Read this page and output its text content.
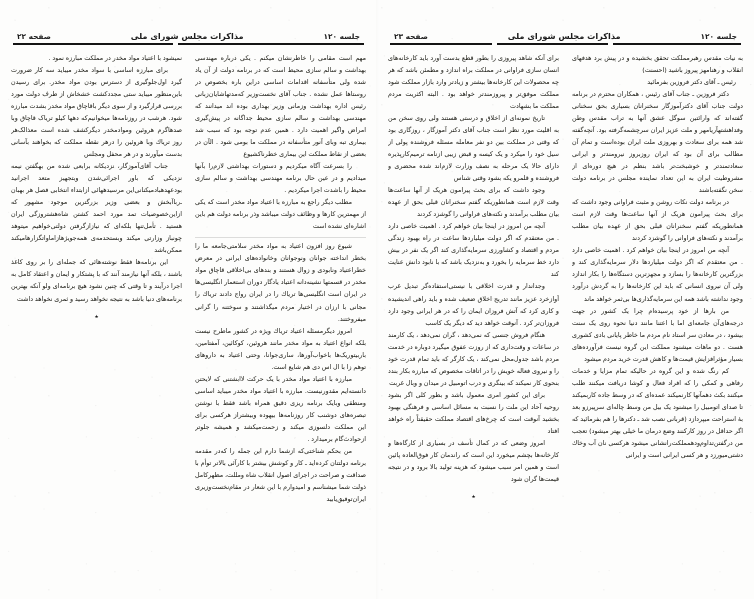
جلسه ۱۲۰
مذاکرات مجلس شورای ملی
صفحه ۲۳

به نیات مقدس رهبرمملکت تحقق بخشیده و در پیش برد هدفهای انقلاب و رهنامهز پیروز باشید (احسنت)

رئیس ـ آقای دکتر فروزین بفرمائید

دکتر فروزین ـ جناب آقای رئیس ، همکاران محترم در برنامه دولت جناب آقای دکترآموزگار سخنرانان بسیاری بحق سخنانی گفته‌اند که وارائتین سوگل عشق آنها به تراب مقدس وطن وفداهشتهآریامهر و ملت عزیز ایران سرچشمه‌گرفته بود. آنچه‌گفته شد همه برای سعادت و بهروزی ملت ایران بوده‌است و تمام آن مطالب برای آن بود که ایران روزبروز نیرومندتر و ایرانی سعادتمندتر و خوشبخت‌تر باشد بنظم در هیچ دوره‌ای از مشروطیت ایران به این تعداد نماینده مجلس در برنامه دولت سخن نگفته‌باشند

در برنامه دولت نکات روشن و مثبت فراوانی وجود داشت که برای بحث پیرامون هریک از آنها ساعت‌ها وقت لازم است همانطوریکه گفتم سخنرانان قبلی بحق از عهده بیان مطلب برآمدند و نکته‌های فراوانی را گوشزد کردند

آنچه من امروز در اینجا بیان خواهم کرد . اهمیت خاصی دارد . من معتقدم که اگر دولت میلیاردها دلار سرمایه‌گذاری کند و بزرگترین کارخانه‌ها را بسازد و مجهزترین دستگاه‌ها را بکار اندازد ولی آن نیروی انسانی که باید این کارخانه‌ها را به گردش درآورد وجود نداشته باشد همه این سرمایه‌گذاری‌ها بی‌ثمر خواهد ماند

من بارها از خود پرسیده‌ام چرا یک کشور در جهت درجه‌های‌آن جامعه‌ای اما با اعتنا مانند دنیا نحوه روی یک سنت بیشود ، در معادن سر استاد نام مردم ما خاطر پایانی بادی کشوری هست . دو ماهات میشنود مملکت این گروه نیست فرآورده‌های بسیار مؤثرافزایش قیمت‌ها و کاهش قدرت خرید مردم میشود

کم رنگ شده و این گروه در حالیکه تمام مزایا و خدمات رفاهی و کمکی را که افراد فعال و کوشا دریافت میکنند طلب میکنند بکث دهمآنها کارنمیکند عمده‌ای که در وسط جاده کاربمیکند تا صدای اتومبیل را میشنود یک بیل من وسط چاله‌ای سرپیرزو بعد بهٔ استراحت میپردازد (قربانی نصب شد ـ دکترها را هم بفرمائید که اگر حداقل در روز کارکنند وضع درمان ما خیلی بهتر میشود) تعجب من درگفتن‌تداوم‌ودهمملکت‌رانشانی میشود هرکسی نان آب وخاك دشتی‌میورزد و هر کسی ایرانی است و ایرانی

برای آنکه شاهد پیروزی را بطور قطع بدست آورد باید کارخانه‌های انسان سازی فراوانی در مملکت براه اندازد و مطمئن باشد که هر چه محصولات این کارخانه‌ها بیشتر و زیادتر وارد بازار مملکت شود مملکت موفق‌تر و پیروزمندتر خواهد بود . البته اکثریت مردم مملکت ما بشهادت

تاریخ نمونه‌ای از اخلاق و درستی هستند ولی روی سخن من به اقلیت مورد نظر است جناب آقای دکتر آموزگار ، روزگاری بود که وقتی در مملکت بین دو نفر معامله مسئله فروشنده پولی از سیل خود را میکرد و یک کیسه و قبض زیبی ازنامه ترمیم‌کارپذیره دارای حالا یک مرحله به نصف وزارت لازم‌اند شده محضری و فروشنده و قلمرو یکه بشود وقتی شناس

وجود داشت که برای بحث پیرامون هریک از آنها ساعت‌ها وقت لازم است همانطوریکه گفتم سخنرانان قبلی بحق از عهده بیان مطلب برآمدند و نکته‌های فراوانی را گوشزد کردند

آنچه من امروز در اینجا بیان خواهم کرد . اهمیت خاصی دارد . من معتقدم که اگر دولت میلیاردها ساعت در راه بهبود زندگی مردم و اقتصاد و کشاورزی سرمایه‌گذاری کند اگر یک نفر در بیش دارد خط سرمایه را بخورد و به‌نزدیک باشد که با نابود دانش عنایت کند

وجداندار و قدرت اخلاقی با نیستی‌استفاده‌گر تبدیل غرب آوازخرد عزیز مانند تدریج اخلاق ضعیف شده و باید راهی اندیشیده و کاری کرد که آتش فروزان ایمان را که در هر ایرانی وجود دارد فروزان‌تر کرد . آنوقت خواهد دید که دیگر یک کاسب

هنگام فروش جنسی که نمی‌دهد ، گران نمی‌دهد ، یک کارمند در ساعات و وقت‌داری که از روزت عفوق میگیرد دوباره در خدمت مردم باشد جدول‌محل نمی‌کند ، یک کارگر که باید تمام قدرت خود را و نیروی فعاله خویش را در اتاقات مخصوص که مبارزه بکار بندد بنحوی کار نمیکند که بینگری و درب اتومبیل در میدان و وبال غربت

برای این کشور امری معمول باشد و بطور کلی اگر بشود روحیه آحاد این ملت را نسبت به مسائل اساسی و فرهنگی بهبود بخشید آنوقت است که چرخ‌های اقتصاد مملکت حقیقتاً راه خواهد افتاد

امروز وضعی که در کمال تأسف در بسیاری از کارگاه‌ها و کارخانه‌ها بچشم میخورد این است که راندمان کار فوق‌العاده پائین است و همین امر سبب میشود که هزینه تولید بالا برود و در نتیجه قیمت‌ها گران شود

٭
جلسه ۱۲۰
مذاکرات مجلس شورای ملی
صفحه ۲۲

مهم است مقامی را خاطرنشان میکنم . یکی درباره مهندسی بهداشت و سالم سازی محیط است که در برنامه دولت از آن یاد شده ولی متأسفانه اقدامات اساسی دراین باره بخصوص در روستاها عمل نشده . جناب آقای نخست‌وزیر که‌مدتهاشایان‌زبانی رئیس اداره بهداشت وزمانی وزیر بهداری بوده اند میدانند که مهندسی بهداشت و سالم سازی محیط جداگانه در پیش‌گیری امراض واگیر اهمیت دارد . همین عدم توجه بود که سبب شد بیماری تبه وبای آنور متأسفانه در مملکت ما بومی شود . الآن در بعضی از نقاط مملکت این بیماری خطرناکشیوع

را بسرعت آگاه میکردیم و دستورات بهداشتی لازم‌را بآنها میدادیم و در عین حال برنامه مهندسی بهداشت و سالم سازی محیط را باشدت اجرا میکردیم .

مطلب دیگر راجع به مبارزه با اعتیاد مواد مخدر است که یکی از مهمترین کارها و وظائف دولت میباشد وذر برنامه دولت هم باین اشاره‌ای نشده است

شیوع روز افزون اعتیاد به مواد مخدر سلامتی‌جامعه ما را بخطر انداخته جوانان ونوجوانان وخانواده‌های ایرانی در معرض خطراعتیاد ونابودی و زوال هستند و بندهای بی‌اخلاقی قاچاق مواد مخدر در قسمتها نشینه‌دانه اعتیاد یادگار دوران استعمار انگلیسی‌ها در ایران است انگلیسی‌ها تریاك را در ایران رواج دادند تریاك را مجانی با ارزان در اختیار مردم میگذاشتند و سوختنه را گرانی میفروختند.

امروز دیگرمسئله اعتیاد تریاك ویژه در کشور ماطرح نیست بلکه انواع اعتیاد به مواد مخدر مانند هروئین، کوکائین، آمفتامین، باربیتوریک‌ها باخواب‌آورها، ساری‌جوانا، وحتی اعتیاد به داروهای توهم زا با ال اس دی هم شایع است.

مبارزه با اعتیاد مواد مخدر با یک حرکت لاابشتنی که لایحتن دانسته‌ایم مقدورنیست. مبارزه با اعتیاد مواد مخدر میباید اساسی ومنطقی وبایک برنامه ریزی دقیق همراه باشد فقط با نوشتن تبصره‌های دوشنب کار روزنامه‌ها بیهوده وبیشتراز هرکسی برای این مملکت دلسوزی میکند و زحمت‌میکشد و همیشه جلوتر ازحوادث‌گام برمیدارد .

من بحکم شناختی‌که ازشما دارم این جمله را که‌در مقدمه برنامه دولتتان کرده‌اید ـ کار و کوشش بیشتر با کارآئی بالاتر توأم با صداقت و صراحت در اجرای اصول انقلاب شاه ومللت، مظهرکامل ذولت شما میشناسم و امیدوارم با این شعار در مقام‌نخست‌وزیری ایران‌توفیق‌یابید

نمیشود با اعتیاد مواد مخدر در مملکت مبارزه نمود .

برای مبارزه اساسی با سواد مخدر میباید سه کار ضرورت گیرد اول‌جلوگیری از دسترس بودن مواد مخدر. برای رسیدن باین‌منظور میباید ستی مجددکشت خشخاش از طرف دولت مورد بررسی قرارگیرد و از سوی دیگر باقاچاق مواد مخدر بشدت مبارزه شود. هرشب در روزنامه‌ها میخوانیم‌که دهها کیلو تریاک قاچاق وبا صدهاگرم هروئین وموادمخدر دیگرکشف شده است معذالک‌هر روز تریاك وبا هروئین را درهر نقطه مملکت که بخواهند بآسانی بدست میآورند و در هر محفل ومجلس

جناب آقای‌آموزگار، نزدیکانه برابعی شده من بهگفتن نیمه نزدیکی که باور اجرائی‌شدن وبتجهیز متعد اجرانید بودعهدهبادمیکنانی‌این مرسیدههائی ازابتداء انتخابی فصل هر بهبان ـ‌رباآبخش و بعضی وزیر بزرگترین موجود مشهور که ازاین‌خصوصیات تمد مورد احمد کشتن شاه‌هشتروزگی ایران هستید . تأمل‌تنها بلکه‌ای که نیازاز‌گرفتن دولتی‌خواهیم میتوهد چونباز وزارتی میکند وبستحدمه‌ی همه‌جویژهازاماواتگزارهامیکند ممکن‌باشد

این برنامه‌ها فقط نوشته‌هائی که جمله‌ای را بر روی کاغذ باشند ، بلکه آنها نیازمند آنند که با پشتکار و ایمان و اعتقاد کامل به اجرا درآیند و تا وقتی که چنین نشود هیچ برنامه‌ای ولو آنکه بهترین برنامه‌های دنیا باشد به نتیجه نخواهد رسید و ثمری نخواهد داشت

٭
